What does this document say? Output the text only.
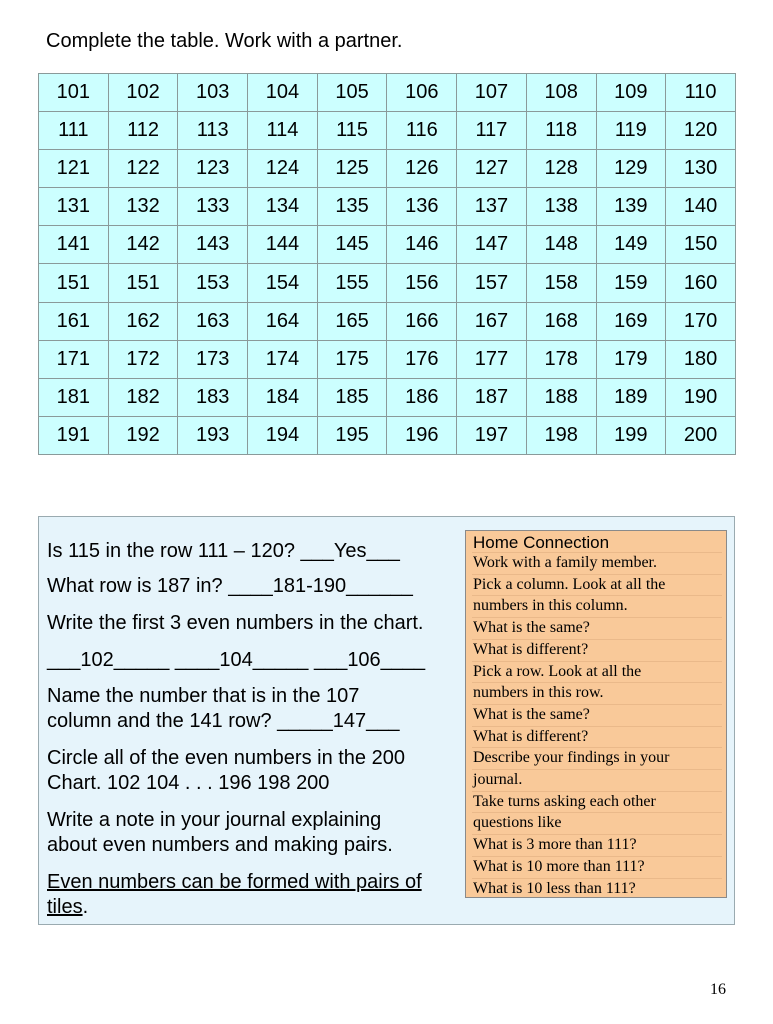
Complete the table. Work with a partner.
101	102	103	104	105	106	107	108	109	110
111	112	113	114	115	116	117	118	119	120
121	122	123	124	125	126	127	128	129	130
131	132	133	134	135	136	137	138	139	140
141	142	143	144	145	146	147	148	149	150
151	151	153	154	155	156	157	158	159	160
161	162	163	164	165	166	167	168	169	170
171	172	173	174	175	176	177	178	179	180
181	182	183	184	185	186	187	188	189	190
191	192	193	194	195	196	197	198	199	200
Is 115 in the row 111 – 120? ___Yes___
What row is 187 in? ____181-190______
Write the first 3 even numbers in the chart.
___102_____ ____104_____ ___106____
Name the number that is in the 107
column and the 141 row? _____147___
Circle all of the even numbers in the 200
Chart. 102 104 . . . 196 198 200
Write a note in your journal explaining
about even numbers and making pairs.
Even numbers can be formed with pairs of
tiles.
Home Connection
Work with a family member.
Pick a column. Look at all the
numbers in this column.
What is the same?
What is different?
Pick a row. Look at all the
numbers in this row.
What is the same?
What is different?
Describe your findings in your
journal.
Take turns asking each other
questions like
What is 3 more than 111?
What is 10 more than 111?
What is 10 less than 111?
16
